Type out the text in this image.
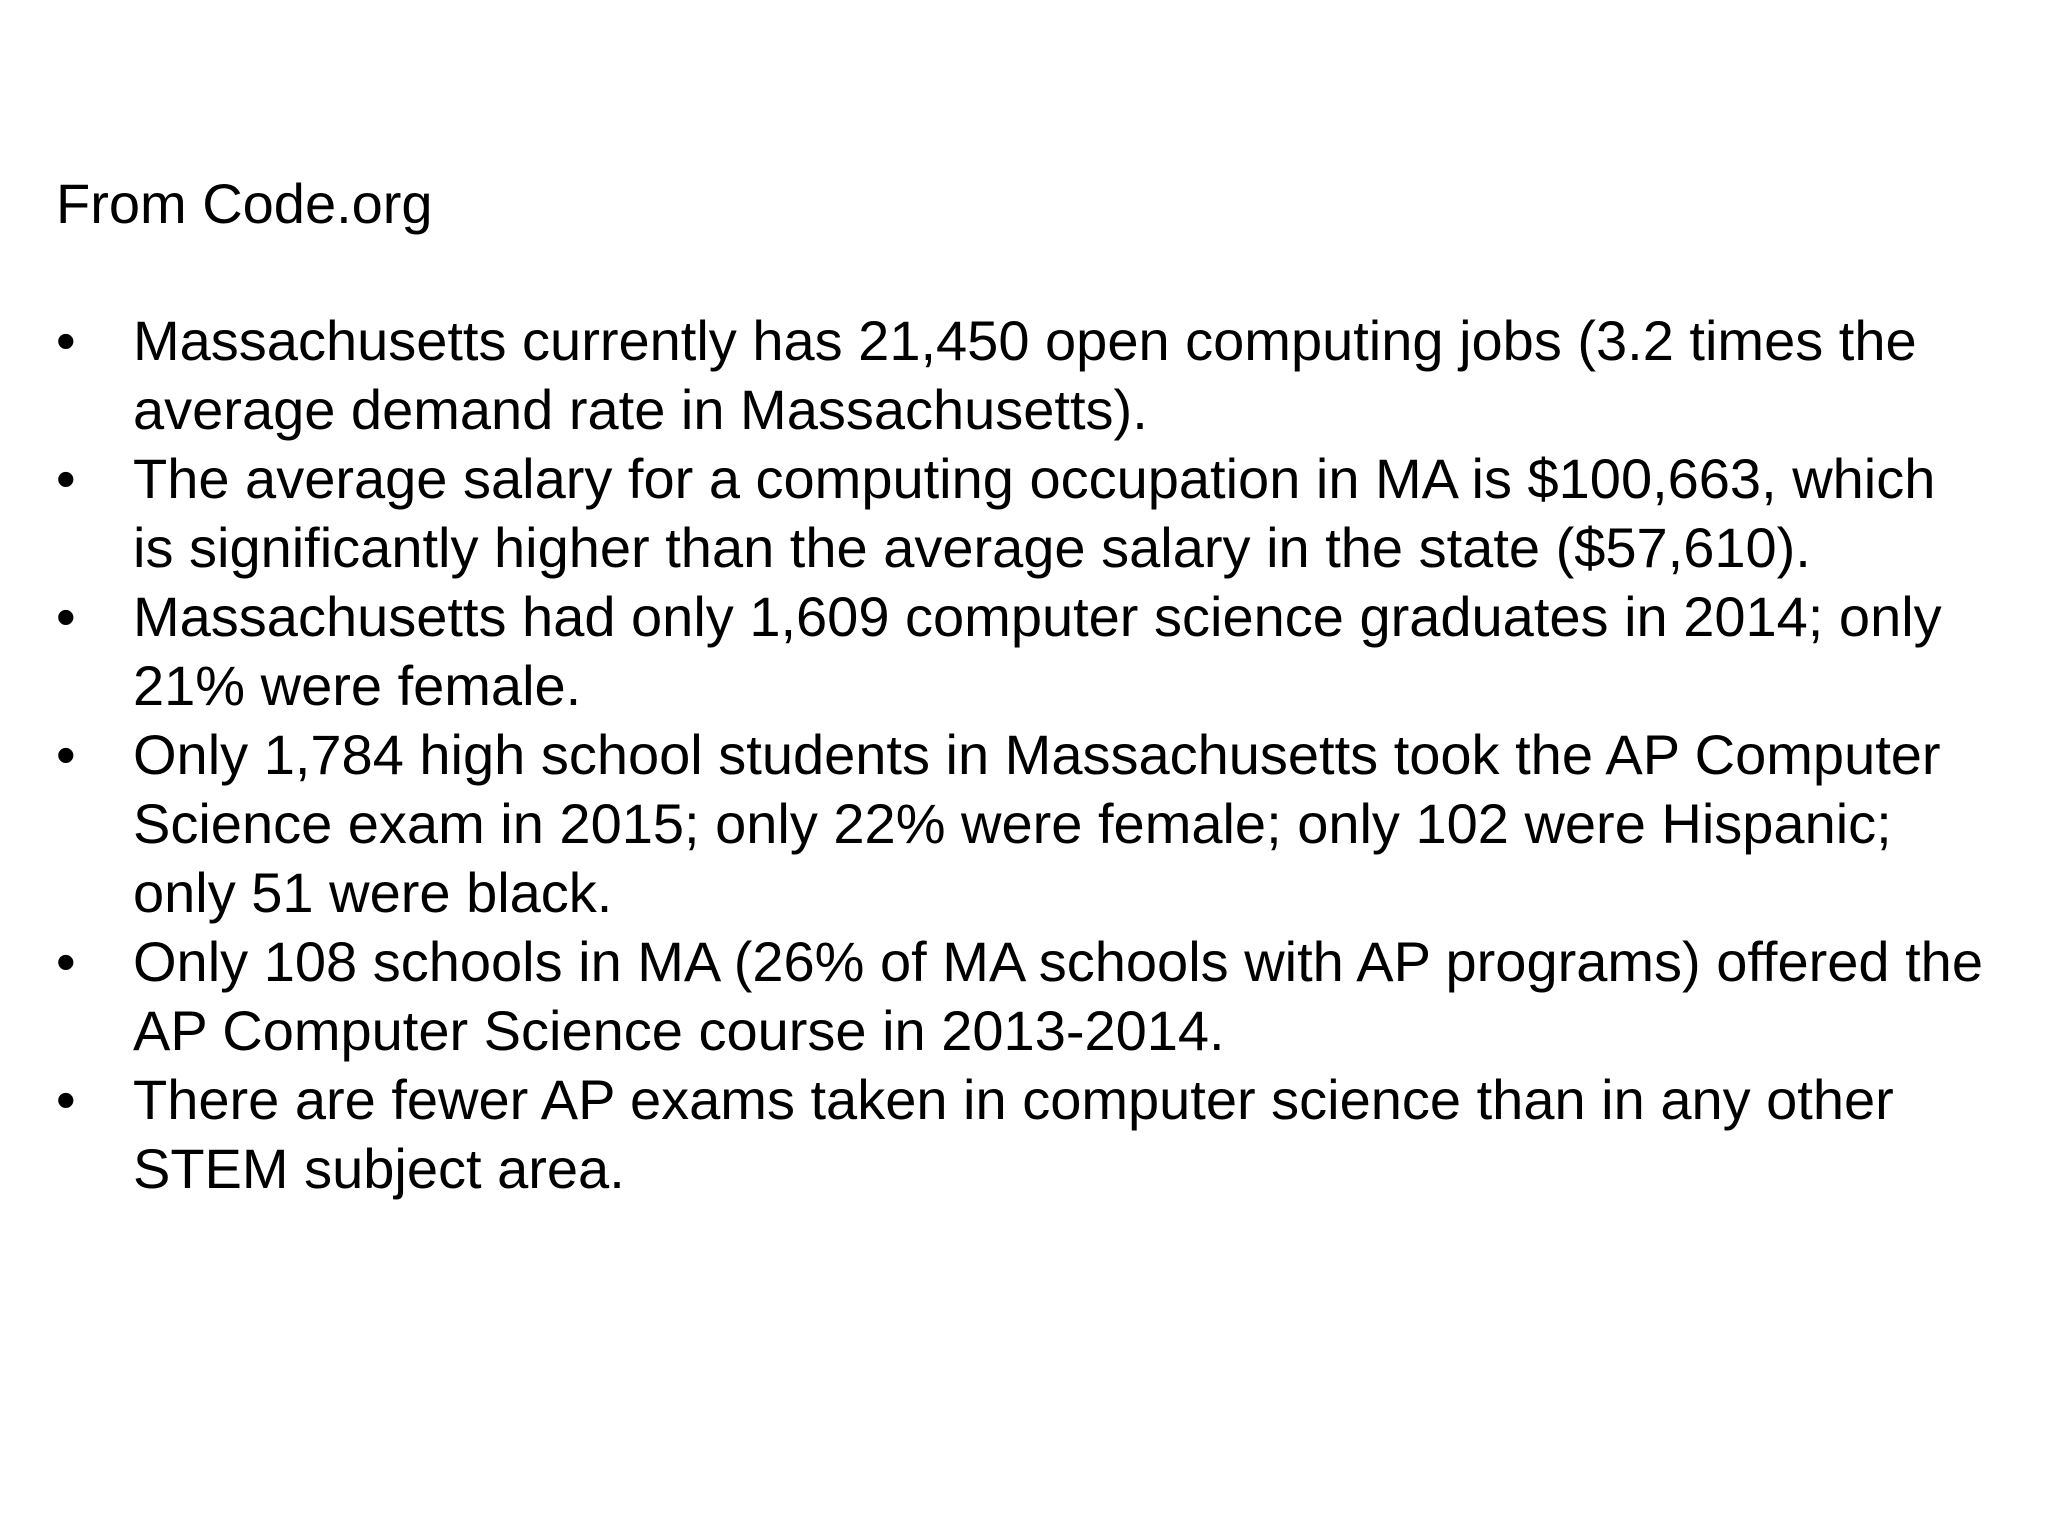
From Code.org

•	Massachusetts currently has 21,450 open computing jobs (3.2 times the average demand rate in Massachusetts).
•	The average salary for a computing occupation in MA is $100,663, which is significantly higher than the average salary in the state ($57,610).
•	Massachusetts had only 1,609 computer science graduates in 2014; only 21% were female.
•	Only 1,784 high school students in Massachusetts took the AP Computer Science exam in 2015; only 22% were female; only 102 were Hispanic; only 51 were black.
•	Only 108 schools in MA (26% of MA schools with AP programs) offered the AP Computer Science course in 2013-2014.
•	There are fewer AP exams taken in computer science than in any other STEM subject area.
